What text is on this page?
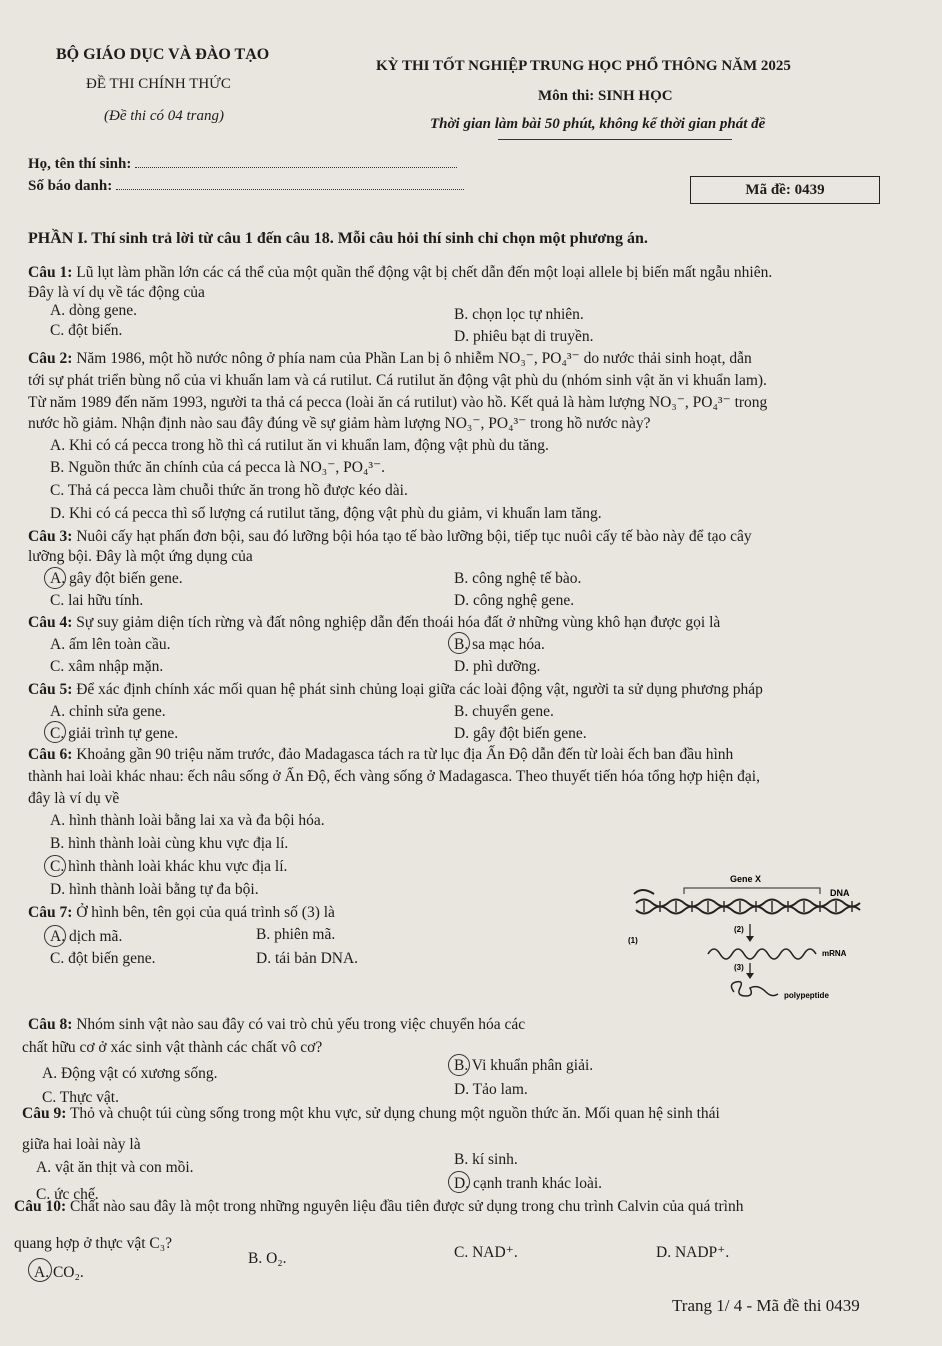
BỘ GIÁO DỤC VÀ ĐÀO TẠO
ĐỀ THI CHÍNH THỨC
(Đề thi có 04 trang)
KỲ THI TỐT NGHIỆP TRUNG HỌC PHỔ THÔNG NĂM 2025
Môn thi: SINH HỌC
Thời gian làm bài 50 phút, không kể thời gian phát đề
Họ, tên thí sinh:
Số báo danh:	Mã đề: 0439
PHẦN I. Thí sinh trả lời từ câu 1 đến câu 18. Mỗi câu hỏi thí sinh chỉ chọn một phương án.
Câu 1: Lũ lụt làm phần lớn các cá thể của một quần thể động vật bị chết dẫn đến một loại allele bị biến mất ngẫu nhiên.
Đây là ví dụ về tác động của
A. dòng gene.	B. chọn lọc tự nhiên.
C. đột biến.	D. phiêu bạt di truyền.
Câu 2: Năm 1986, một hồ nước nông ở phía nam của Phần Lan bị ô nhiễm NO₃⁻, PO₄³⁻ do nước thải sinh hoạt, dẫn
tới sự phát triển bùng nổ của vi khuẩn lam và cá rutilut. Cá rutilut ăn động vật phù du (nhóm sinh vật ăn vi khuẩn lam).
Từ năm 1989 đến năm 1993, người ta thả cá pecca (loài ăn cá rutilut) vào hồ. Kết quả là hàm lượng NO₃⁻, PO₄³⁻ trong
nước hồ giảm. Nhận định nào sau đây đúng về sự giảm hàm lượng NO₃⁻, PO₄³⁻ trong hồ nước này?
A. Khi có cá pecca trong hồ thì cá rutilut ăn vi khuẩn lam, động vật phù du tăng.
B. Nguồn thức ăn chính của cá pecca là NO₃⁻, PO₄³⁻.
C. Thả cá pecca làm chuỗi thức ăn trong hồ được kéo dài.
D. Khi có cá pecca thì số lượng cá rutilut tăng, động vật phù du giảm, vi khuẩn lam tăng.
Câu 3: Nuôi cấy hạt phấn đơn bội, sau đó lưỡng bội hóa tạo tế bào lưỡng bội, tiếp tục nuôi cấy tế bào này để tạo cây
lưỡng bội. Đây là một ứng dụng của
A. gây đột biến gene.	B. công nghệ tế bào.
C. lai hữu tính.	D. công nghệ gene.
Câu 4: Sự suy giảm diện tích rừng và đất nông nghiệp dẫn đến thoái hóa đất ở những vùng khô hạn được gọi là
A. ấm lên toàn cầu.	B. sa mạc hóa.
C. xâm nhập mặn.	D. phì dưỡng.
Câu 5: Để xác định chính xác mối quan hệ phát sinh chủng loại giữa các loài động vật, người ta sử dụng phương pháp
A. chỉnh sửa gene.	B. chuyển gene.
C. giải trình tự gene.	D. gây đột biến gene.
Câu 6: Khoảng gần 90 triệu năm trước, đảo Madagasca tách ra từ lục địa Ấn Độ dẫn đến từ loài ếch ban đầu hình
thành hai loài khác nhau: ếch nâu sống ở Ấn Độ, ếch vàng sống ở Madagasca. Theo thuyết tiến hóa tổng hợp hiện đại,
đây là ví dụ về
A. hình thành loài bằng lai xa và đa bội hóa.
B. hình thành loài cùng khu vực địa lí.
C. hình thành loài khác khu vực địa lí.
D. hình thành loài bằng tự đa bội.
Câu 7: Ở hình bên, tên gọi của quá trình số (3) là
A. dịch mã.	B. phiên mã.
C. đột biến gene.	D. tái bản DNA.
Gene X
DNA
(1)
(2)
mRNA
(3)
polypeptide
Câu 8: Nhóm sinh vật nào sau đây có vai trò chủ yếu trong việc chuyển hóa các
chất hữu cơ ở xác sinh vật thành các chất vô cơ?
A. Động vật có xương sống.	B. Vi khuẩn phân giải.
C. Thực vật.	D. Tảo lam.
Câu 9: Thỏ và chuột túi cùng sống trong một khu vực, sử dụng chung một nguồn thức ăn. Mối quan hệ sinh thái
giữa hai loài này là
A. vật ăn thịt và con mồi.	B. kí sinh.
C. ức chế.
D. cạnh tranh khác loài.
Câu 10: Chất nào sau đây là một trong những nguyên liệu đầu tiên được sử dụng trong chu trình Calvin của quá trình
quang hợp ở thực vật C₃?
A. CO₂.
B. O₂.	C. NAD⁺.	D. NADP⁺.
Trang 1/ 4 - Mã đề thi 0439
